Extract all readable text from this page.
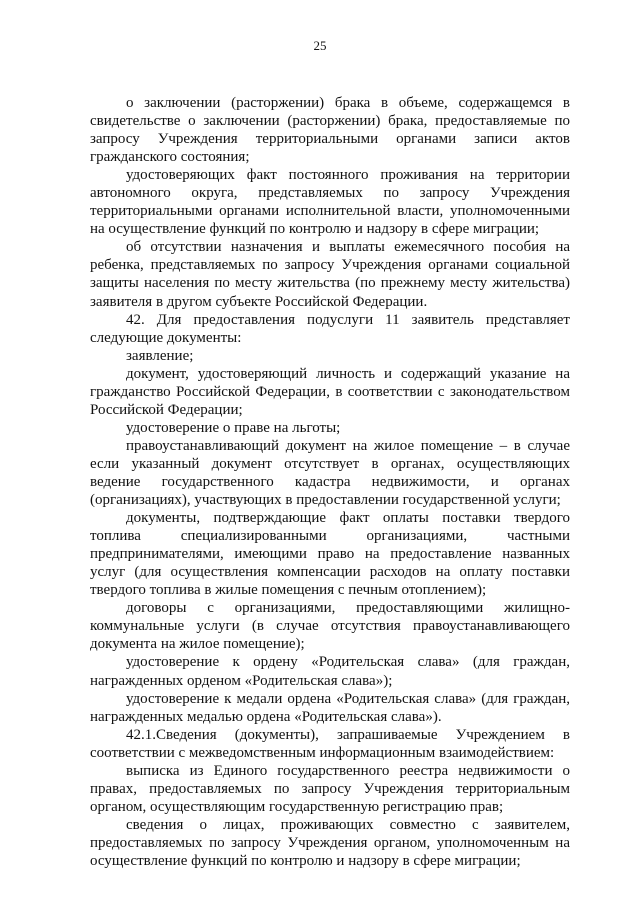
25

о заключении (расторжении) брака в объеме, содержащемся в свидетельстве о заключении (расторжении) брака, предоставляемые по запросу Учреждения территориальными органами записи актов гражданского состояния;

удостоверяющих факт постоянного проживания на территории автономного округа, представляемых по запросу Учреждения территориальными органами исполнительной власти, уполномоченными на осуществление функций по контролю и надзору в сфере миграции;

об отсутствии назначения и выплаты ежемесячного пособия на ребенка, представляемых по запросу Учреждения органами социальной защиты населения по месту жительства (по прежнему месту жительства) заявителя в другом субъекте Российской Федерации.

42. Для предоставления подуслуги 11 заявитель представляет следующие документы:

заявление;

документ, удостоверяющий личность и содержащий указание на гражданство Российской Федерации, в соответствии с законодательством Российской Федерации;

удостоверение о праве на льготы;

правоустанавливающий документ на жилое помещение – в случае если указанный документ отсутствует в органах, осуществляющих ведение государственного кадастра недвижимости, и органах (организациях), участвующих в предоставлении государственной услуги;

документы, подтверждающие факт оплаты поставки твердого топлива специализированными организациями, частными предпринимателями, имеющими право на предоставление названных услуг (для осуществления компенсации расходов на оплату поставки твердого топлива в жилые помещения с печным отоплением);

договоры с организациями, предоставляющими жилищно-коммунальные услуги (в случае отсутствия правоустанавливающего документа на жилое помещение);

удостоверение к ордену «Родительская слава» (для граждан, награжденных орденом «Родительская слава»);

удостоверение к медали ордена «Родительская слава» (для граждан, награжденных медалью ордена «Родительская слава»).

42.1.Сведения (документы), запрашиваемые Учреждением в соответствии с межведомственным информационным взаимодействием:

выписка из Единого государственного реестра недвижимости о правах, предоставляемых по запросу Учреждения территориальным органом, осуществляющим государственную регистрацию прав;

сведения о лицах, проживающих совместно с заявителем, предоставляемых по запросу Учреждения органом, уполномоченным на осуществление функций по контролю и надзору в сфере миграции;
